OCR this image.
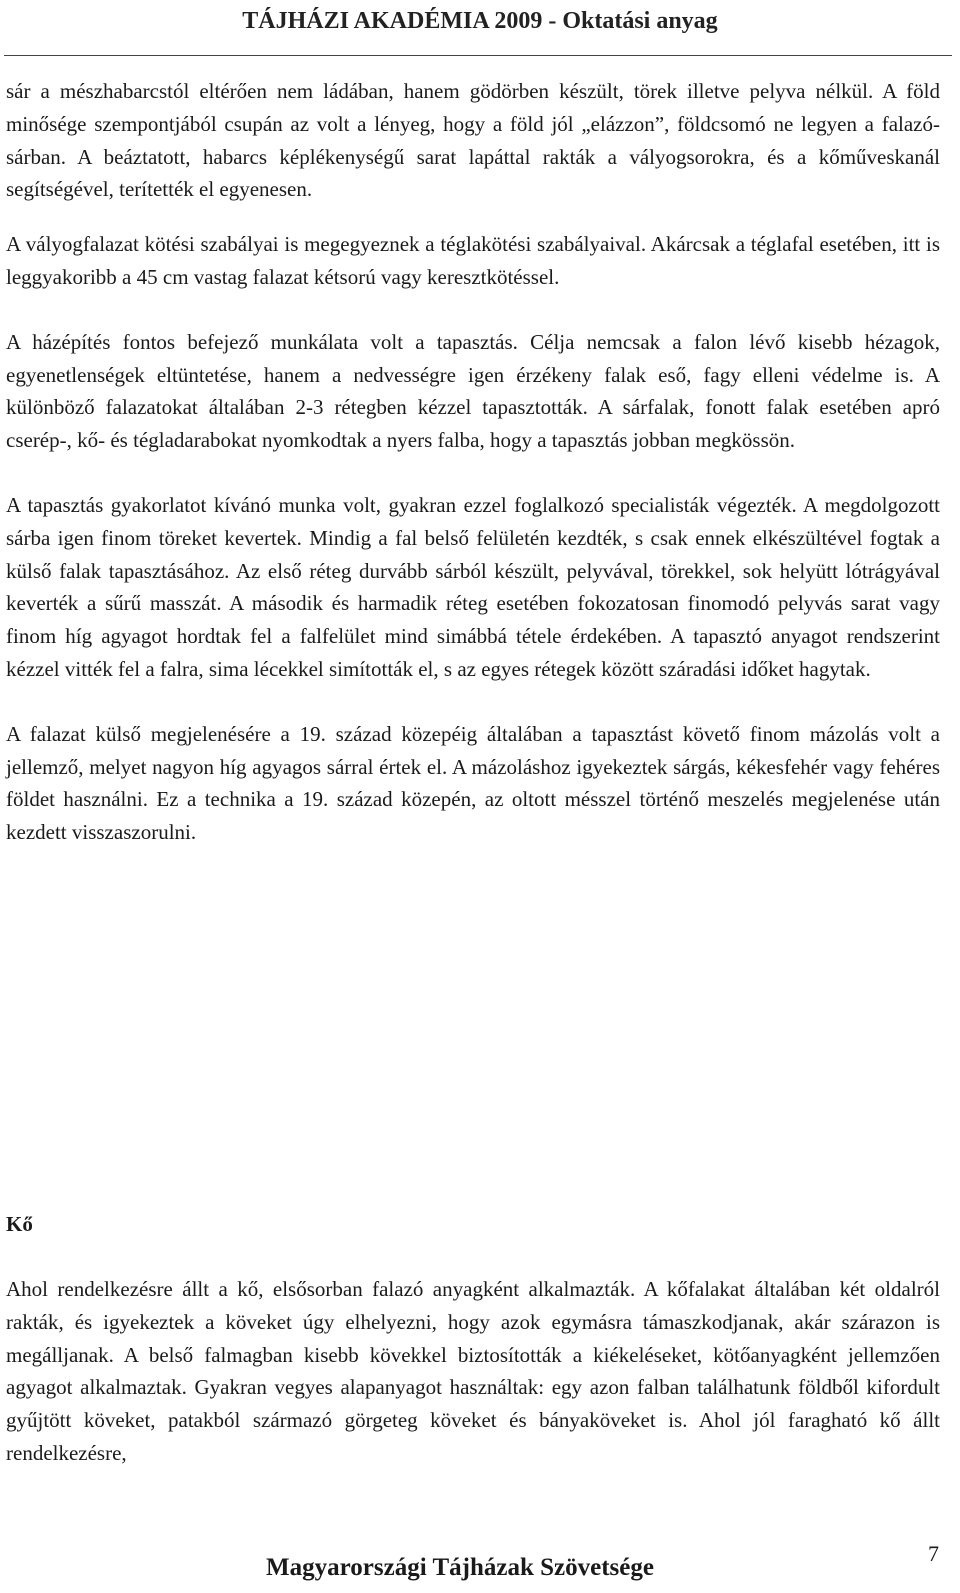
TÁJHÁZI AKADÉMIA 2009 - Oktatási anyag

sár a mészhabarcstól eltérően nem ládában, hanem gödörben készült, törek illetve pelyva nélkül. A föld minősége szempontjából csupán az volt a lényeg, hogy a föld jól „elázzon”, földcsomó ne legyen a falazó-sárban. A beáztatott, habarcs képlékenységű sarat lapáttal rakták a vályogsorokra, és a kőműveskanál segítségével, terítették el egyenesen.

A vályogfalazat kötési szabályai is megegyeznek a téglakötési szabályaival. Akárcsak a téglafal esetében, itt is leggyakoribb a 45 cm vastag falazat kétsorú vagy keresztkötéssel.

A házépítés fontos befejező munkálata volt a tapasztás. Célja nemcsak a falon lévő kisebb hézagok, egyenetlenségek eltüntetése, hanem a nedvességre igen érzékeny falak eső, fagy elleni védelme is. A különböző falazatokat általában 2-3 rétegben kézzel tapasztották. A sárfalak, fonott falak esetében apró cserép-, kő- és tégladarabokat nyomkodtak a nyers falba, hogy a tapasztás jobban megkössön.

A tapasztás gyakorlatot kívánó munka volt, gyakran ezzel foglalkozó specialisták végezték. A megdolgozott sárba igen finom töreket kevertek. Mindig a fal belső felületén kezdték, s csak ennek elkészültével fogtak a külső falak tapasztásához. Az első réteg durvább sárból készült, pelyvával, törekkel, sok helyütt lótrágyával keverték a sűrű masszát. A második és harmadik réteg esetében fokozatosan finomodó pelyvás sarat vagy finom híg agyagot hordtak fel a falfelület mind simábbá tétele érdekében. A tapasztó anyagot rendszerint kézzel vitték fel a falra, sima lécekkel simították el, s az egyes rétegek között száradási időket hagytak.

A falazat külső megjelenésére a 19. század közepéig általában a tapasztást követő finom mázolás volt a jellemző, melyet nagyon híg agyagos sárral értek el. A mázoláshoz igyekeztek sárgás, kékesfehér vagy fehéres földet használni. Ez a technika a 19. század közepén, az oltott mésszel történő meszelés megjelenése után kezdett visszaszorulni.

Kő

Ahol rendelkezésre állt a kő, elsősorban falazó anyagként alkalmazták. A kőfalakat általában két oldalról rakták, és igyekeztek a köveket úgy elhelyezni, hogy azok egymásra támaszkodjanak, akár szárazon is megálljanak. A belső falmagban kisebb kövekkel biztosították a kiékeléseket, kötőanyagként jellemzően agyagot alkalmaztak. Gyakran vegyes alapanyagot használtak: egy azon falban találhatunk földből kifordult gyűjtött köveket, patakból származó görgeteg köveket és bányaköveket is. Ahol jól faragható kő állt rendelkezésre,

Magyarországi Tájházak Szövetsége
7
